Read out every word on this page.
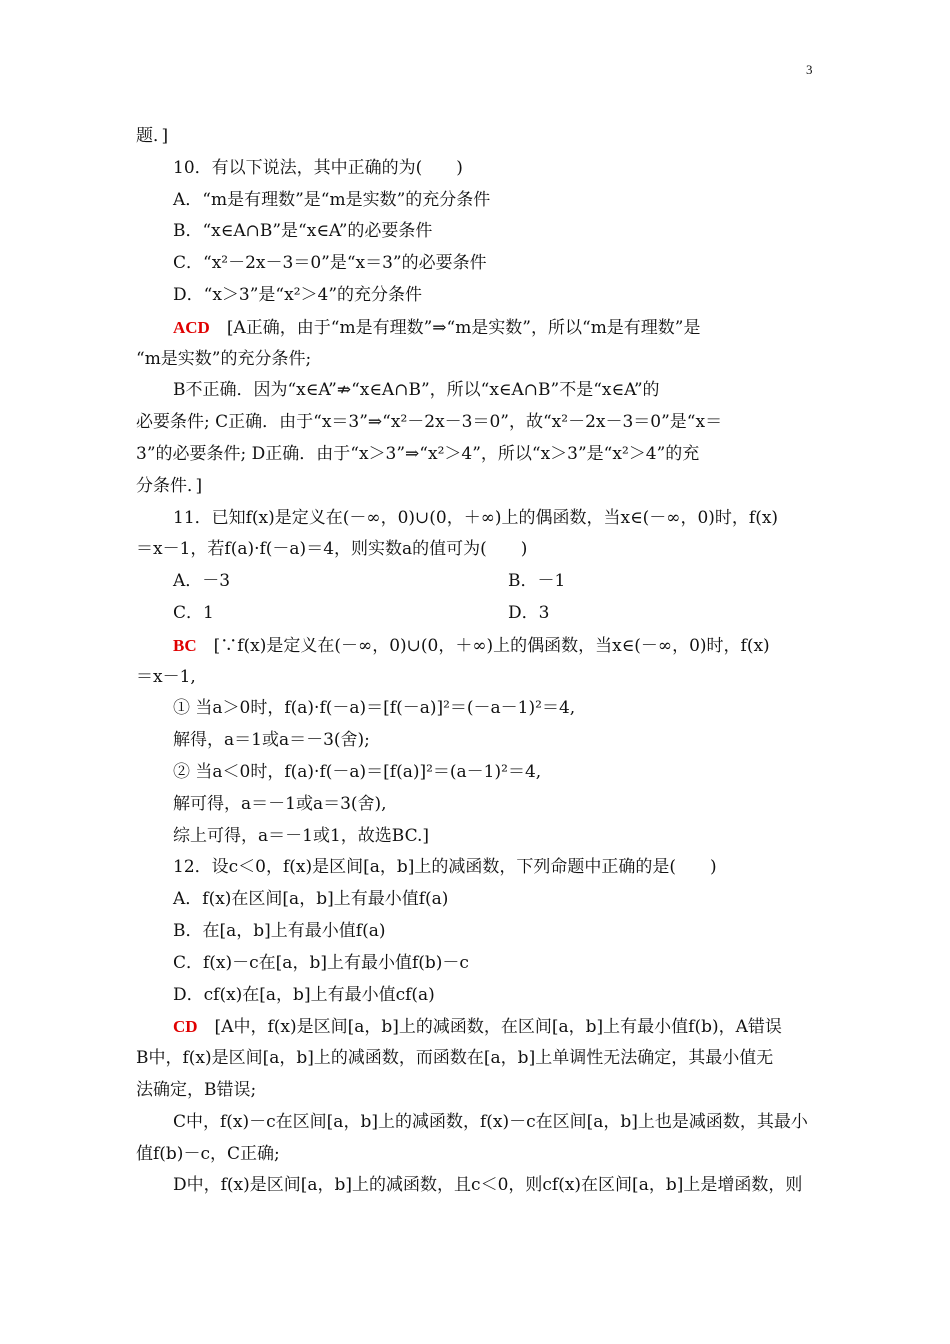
3
题．]
10．有以下说法，其中正确的为(　　)
A．“m是有理数”是“m是实数”的充分条件
B．“x∈A∩B”是“x∈A”的必要条件
C．“x²－2x－3＝0”是“x＝3”的必要条件
D．“x＞3”是“x²＞4”的充分条件
ACD　[A正确，由于“m是有理数”⇒“m是实数”，所以“m是有理数”是
“m是实数”的充分条件;
B不正确．因为“x∈A”⇏“x∈A∩B”，所以“x∈A∩B”不是“x∈A”的
必要条件; C正确．由于“x＝3”⇒“x²－2x－3＝0”，故“x²－2x－3＝0”是“x＝
3”的必要条件; D正确．由于“x＞3”⇒“x²＞4”，所以“x＞3”是“x²＞4”的充
分条件．]
11．已知f(x)是定义在(－∞，0)∪(0，＋∞)上的偶函数，当x∈(－∞，0)时，f(x)
＝x－1，若f(a)·f(－a)＝4，则实数a的值可为(　　)
A．－3	B．－1
C．1	D．3
BC　[∵f(x)是定义在(－∞，0)∪(0，＋∞)上的偶函数，当x∈(－∞，0)时，f(x)
＝x－1,
① 当a＞0时，f(a)·f(－a)＝[f(－a)]²＝(－a－1)²＝4,
解得，a＝1或a＝－3(舍);
② 当a＜0时，f(a)·f(－a)＝[f(a)]²＝(a－1)²＝4,
解可得，a＝－1或a＝3(舍),
综上可得，a＝－1或1，故选BC.]
12．设c＜0，f(x)是区间[a，b]上的减函数，下列命题中正确的是(　　)
A．f(x)在区间[a，b]上有最小值f(a)
B．在[a，b]上有最小值f(a)
C．f(x)－c在[a，b]上有最小值f(b)－c
D．cf(x)在[a，b]上有最小值cf(a)
CD　[A中，f(x)是区间[a，b]上的减函数，在区间[a，b]上有最小值f(b)，A错误
B中，f(x)是区间[a，b]上的减函数，而函数在[a，b]上单调性无法确定，其最小值无
法确定，B错误;
C中，f(x)－c在区间[a，b]上的减函数，f(x)－c在区间[a，b]上也是减函数，其最小
值f(b)－c，C正确;
D中，f(x)是区间[a，b]上的减函数，且c＜0，则cf(x)在区间[a，b]上是增函数，则
